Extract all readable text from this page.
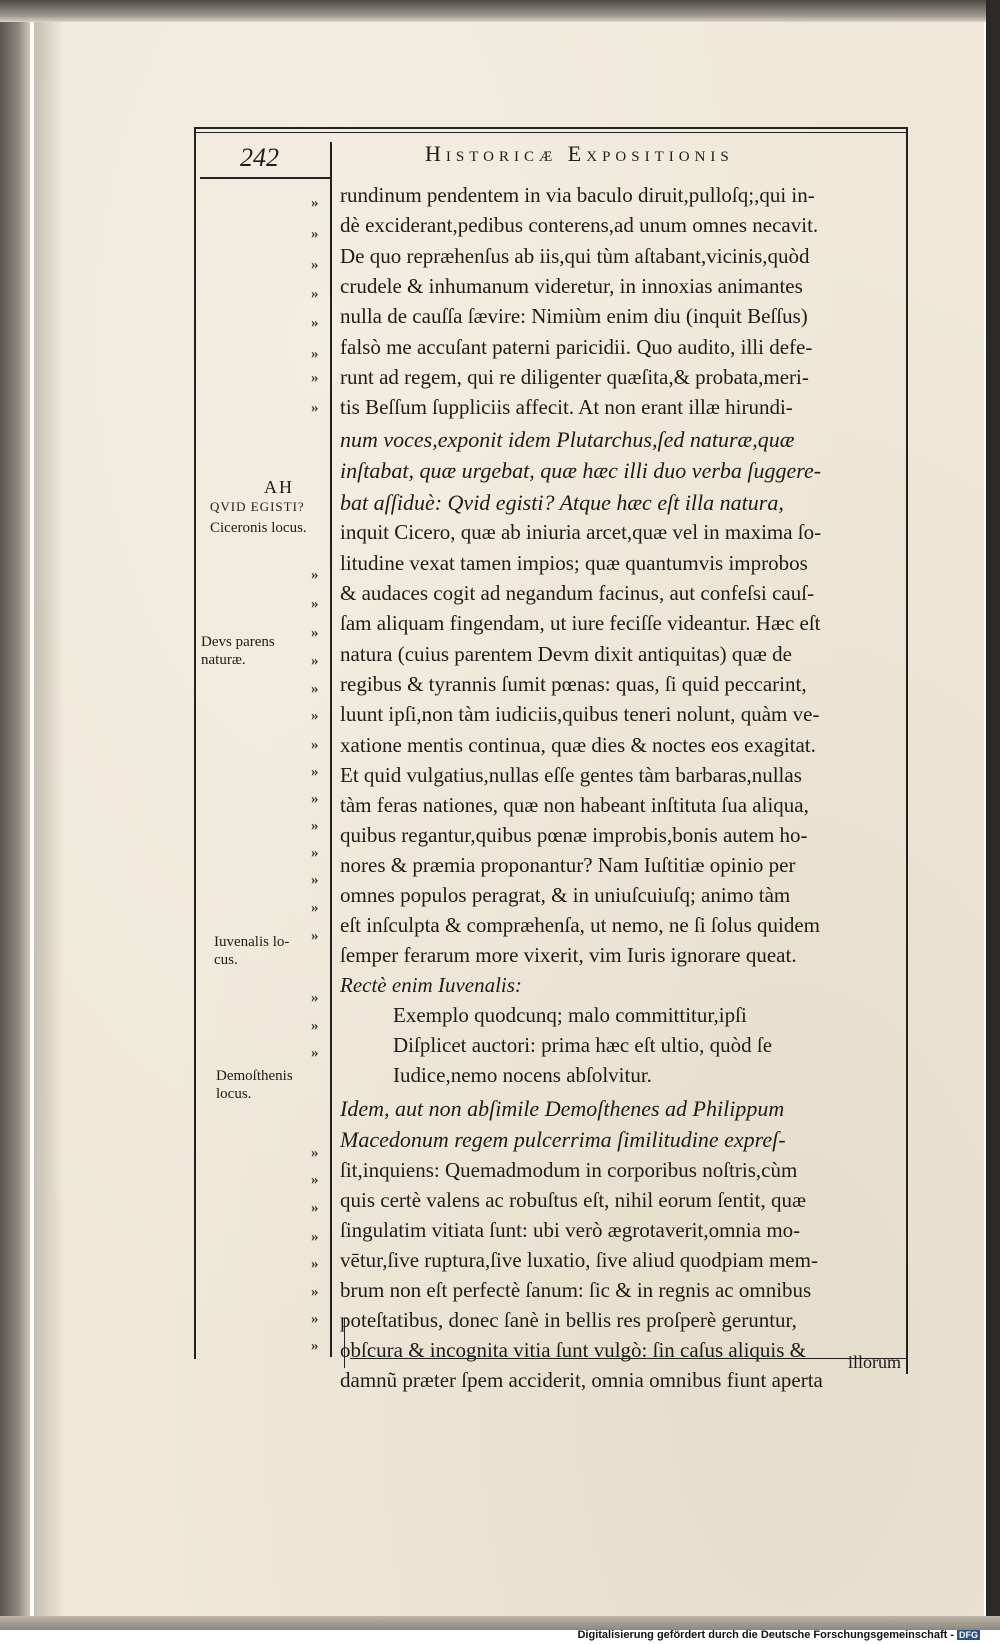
242	Historicæ Expositionis
rundinum pendentem in via baculo diruit,pulloſq;,qui in-
dè exciderant,pedibus conterens,ad unum omnes necavit.
De quo repræhenſus ab iis,qui tùm aſtabant,vicinis,quòd
crudele & inhumanum videretur, in innoxias animantes
nulla de cauſſa ſævire: Nimiùm enim diu (inquit Beſſus)
falsò me accuſant paterni paricidii. Quo audito, illi defe-
runt ad regem, qui re diligenter quæſita,& probata,meri-
tis Beſſum ſuppliciis affecit. At non erant illæ hirundi-
num voces,exponit idem Plutarchus,ſed naturæ,quæ
inſtabat, quæ urgebat, quæ hæc illi duo verba ſuggere-
bat aſſiduè: Qvid egisti? Atque hæc eſt illa natura,
inquit Cicero, quæ ab iniuria arcet,quæ vel in maxima ſo-
litudine vexat tamen impios; quæ quantumvis improbos
& audaces cogit ad negandum facinus, aut confeſsi cauſ-
ſam aliquam fingendam, ut iure feciſſe videantur. Hæc eſt
natura (cuius parentem Devm dixit antiquitas) quæ de
regibus & tyrannis ſumit pœnas: quas, ſi quid peccarint,
luunt ipſi,non tàm iudiciis,quibus teneri nolunt, quàm ve-
xatione mentis continua, quæ dies & noctes eos exagitat.
Et quid vulgatius,nullas eſſe gentes tàm barbaras,nullas
tàm feras nationes, quæ non habeant inſtituta ſua aliqua,
quibus regantur,quibus pœnæ improbis,bonis autem ho-
nores & præmia proponantur? Nam Iuſtitiæ opinio per
omnes populos peragrat, & in uniuſcuiuſq; animo tàm
eſt inſculpta & compræhenſa, ut nemo, ne ſi ſolus quidem
ſemper ferarum more vixerit, vim Iuris ignorare queat.
Rectè enim Iuvenalis:
Exemplo quodcunq; malo committitur,ipſi
Diſplicet auctori: prima hæc eſt ultio, quòd ſe
Iudice,nemo nocens abſolvitur.
Idem, aut non abſimile Demoſthenes ad Philippum
Macedonum regem pulcerrima ſimilitudine expreſ-
ſit,inquiens: Quemadmodum in corporibus noſtris,cùm
quis certè valens ac robuſtus eſt, nihil eorum ſentit, quæ
ſingulatim vitiata ſunt: ubi verò ægrotaverit,omnia mo-
vētur,ſive ruptura,ſive luxatio, ſive aliud quodpiam mem-
brum non eſt perfectè ſanum: ſic & in regnis ac omnibus
poteſtatibus, donec ſanè in bellis res proſperè geruntur,
obſcura & incognita vitia ſunt vulgò: ſin caſus aliquis &
damnũ præter ſpem acciderit, omnia omnibus fiunt aperta
AH
QVID EGISTI?
Ciceronis locus.
Devs parens
naturæ.
Iuvenalis lo-
cus.
Demoſthenis
locus.
»
»
»
»
»
»
»
»
»
»
»
»
»
»
»
»
»
»
»
»
»
»
»
»
»
»
»
»
»
»
»
»
»
illorum
Digitalisierung gefördert durch die Deutsche Forschungsgemeinschaft - DFG
